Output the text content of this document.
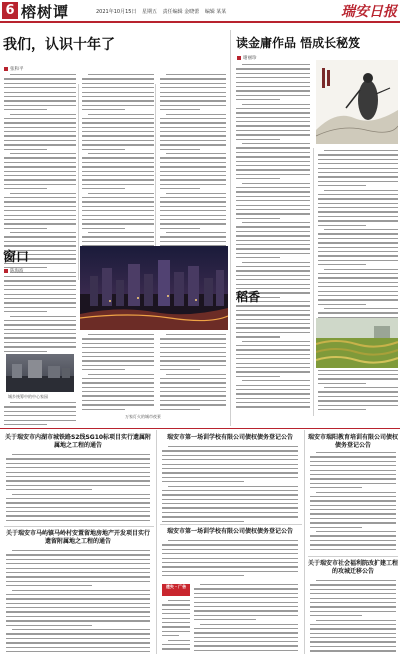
6 榕树谭	2021年10月15日 星期五 责任编辑 金晓蕾 编辑 某某	瑞安日报
我们，认识十年了
张和平
窗口
陈海波
城乡统筹中的中心家园
万家灯火的城市夜景
读金庸作品 悟成长秘笈
谢丽珍
稻香
关于瑞安市内湖市城铁路S2线SG10标项目实行遗属附属地之工程的通告
关于瑞安市马屿镇马岭村安置留地房地产开发项目实行遗留附属地之工程的通告
瑞安市第一场训学校有限公司债权债务登记公告
瑞安市第一场训学校有限公司债权债务登记公告
遗失 · 广告
瑞安市瑞阳教育培训有限公司债权债务登记公告
关于瑞安市社会福利院改扩建工程的攻城迁移公告
